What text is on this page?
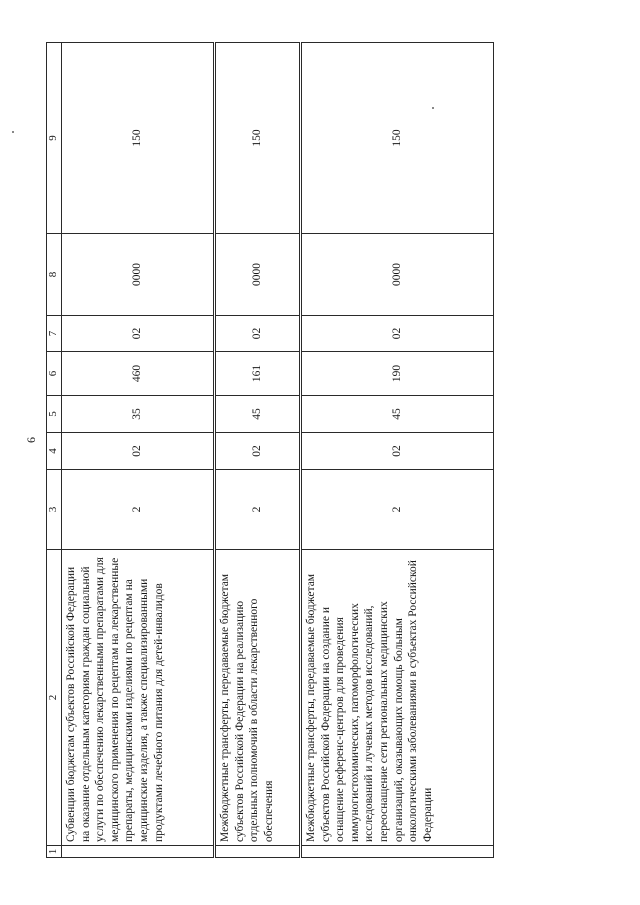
6
1	2	3	4	5	6	7	8	9
	Субвенции бюджетам субъектов Российской Федерации на оказание отдельным категориям граждан социальной услуги по обеспечению лекарственными препаратами для медицинского применения по рецептам на лекарственные препараты, медицинскими изделиями по рецептам на медицинские изделия, а также специализированными продуктами лечебного питания для детей-инвалидов	2	02	35	460	02	0000	150
	Межбюджетные трансферты, передаваемые бюджетам субъектов Российской Федерации на реализацию отдельных полномочий в области лекарственного обеспечения	2	02	45	161	02	0000	150
	Межбюджетные трансферты, передаваемые бюджетам субъектов Российской Федерации на создание и оснащение референс-центров для проведения иммуногистохимических, патоморфологических исследований и лучевых методов исследований, переоснащение сети региональных медицинских организаций, оказывающих помощь больным онкологическими заболеваниями в субъектах Российской Федерации	2	02	45	190	02	0000	150
